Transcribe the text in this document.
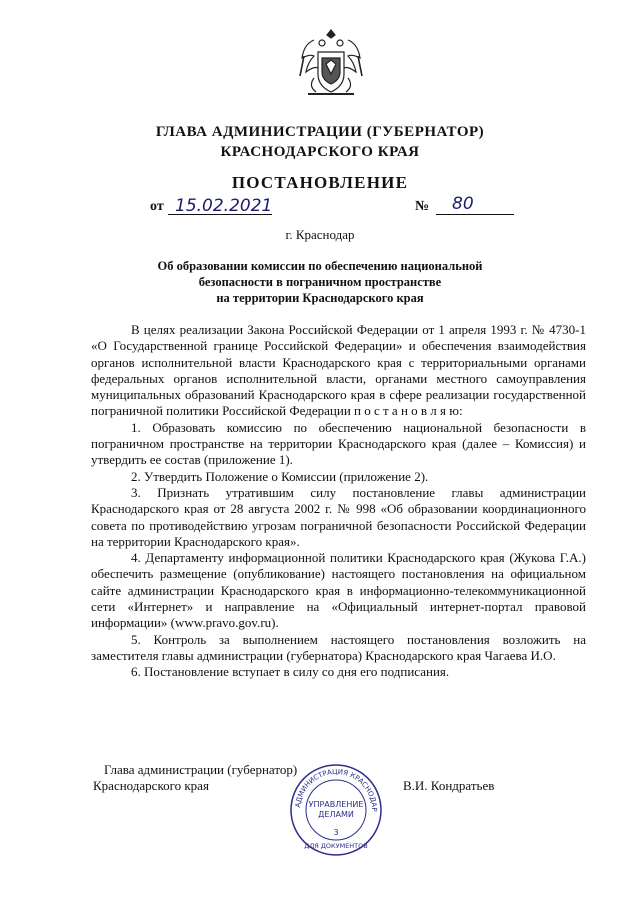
ГЛАВА АДМИНИСТРАЦИИ (ГУБЕРНАТОР)
КРАСНОДАРСКОГО КРАЯ
ПОСТАНОВЛЕНИЕ
от 15.02.2021	№ 80
г. Краснодар
Об образовании комиссии по обеспечению национальной
безопасности в пограничном пространстве
на территории Краснодарского края

В целях реализации Закона Российской Федерации от 1 апреля 1993 г. № 4730-1 «О Государственной границе Российской Федерации» и обеспечения взаимодействия органов исполнительной власти Краснодарского края с территориальными органами федеральных органов исполнительной власти, органами местного самоуправления муниципальных образований Краснодарского края в сфере реализации государственной пограничной политики Российской Федерации п о с т а н о в л я ю:

1. Образовать комиссию по обеспечению национальной безопасности в пограничном пространстве на территории Краснодарского края (далее – Комиссия) и утвердить ее состав (приложение 1).

2. Утвердить Положение о Комиссии (приложение 2).

3. Признать утратившим силу постановление главы администрации Краснодарского края от 28 августа 2002 г. № 998 «Об образовании координационного совета по противодействию угрозам пограничной безопасности Российской Федерации на территории Краснодарского края».

4. Департаменту информационной политики Краснодарского края (Жукова Г.А.) обеспечить размещение (опубликование) настоящего постановления на официальном сайте администрации Краснодарского края в информационно-телекоммуникационной сети «Интернет» и направление на «Официальный интернет-портал правовой информации» (www.pravo.gov.ru).

5. Контроль за выполнением настоящего постановления возложить на заместителя главы администрации (губернатора) Краснодарского края Чагаева И.О.

6. Постановление вступает в силу со дня его подписания.

Глава администрации (губернатор)
Краснодарского края	В.И. Кондратьев
АДМИНИСТРАЦИЯ КРАСНОДАР
УПРАВЛЕНИЕ
ДЕЛАМИ
3
ДЛЯ ДОКУМЕНТОВ
